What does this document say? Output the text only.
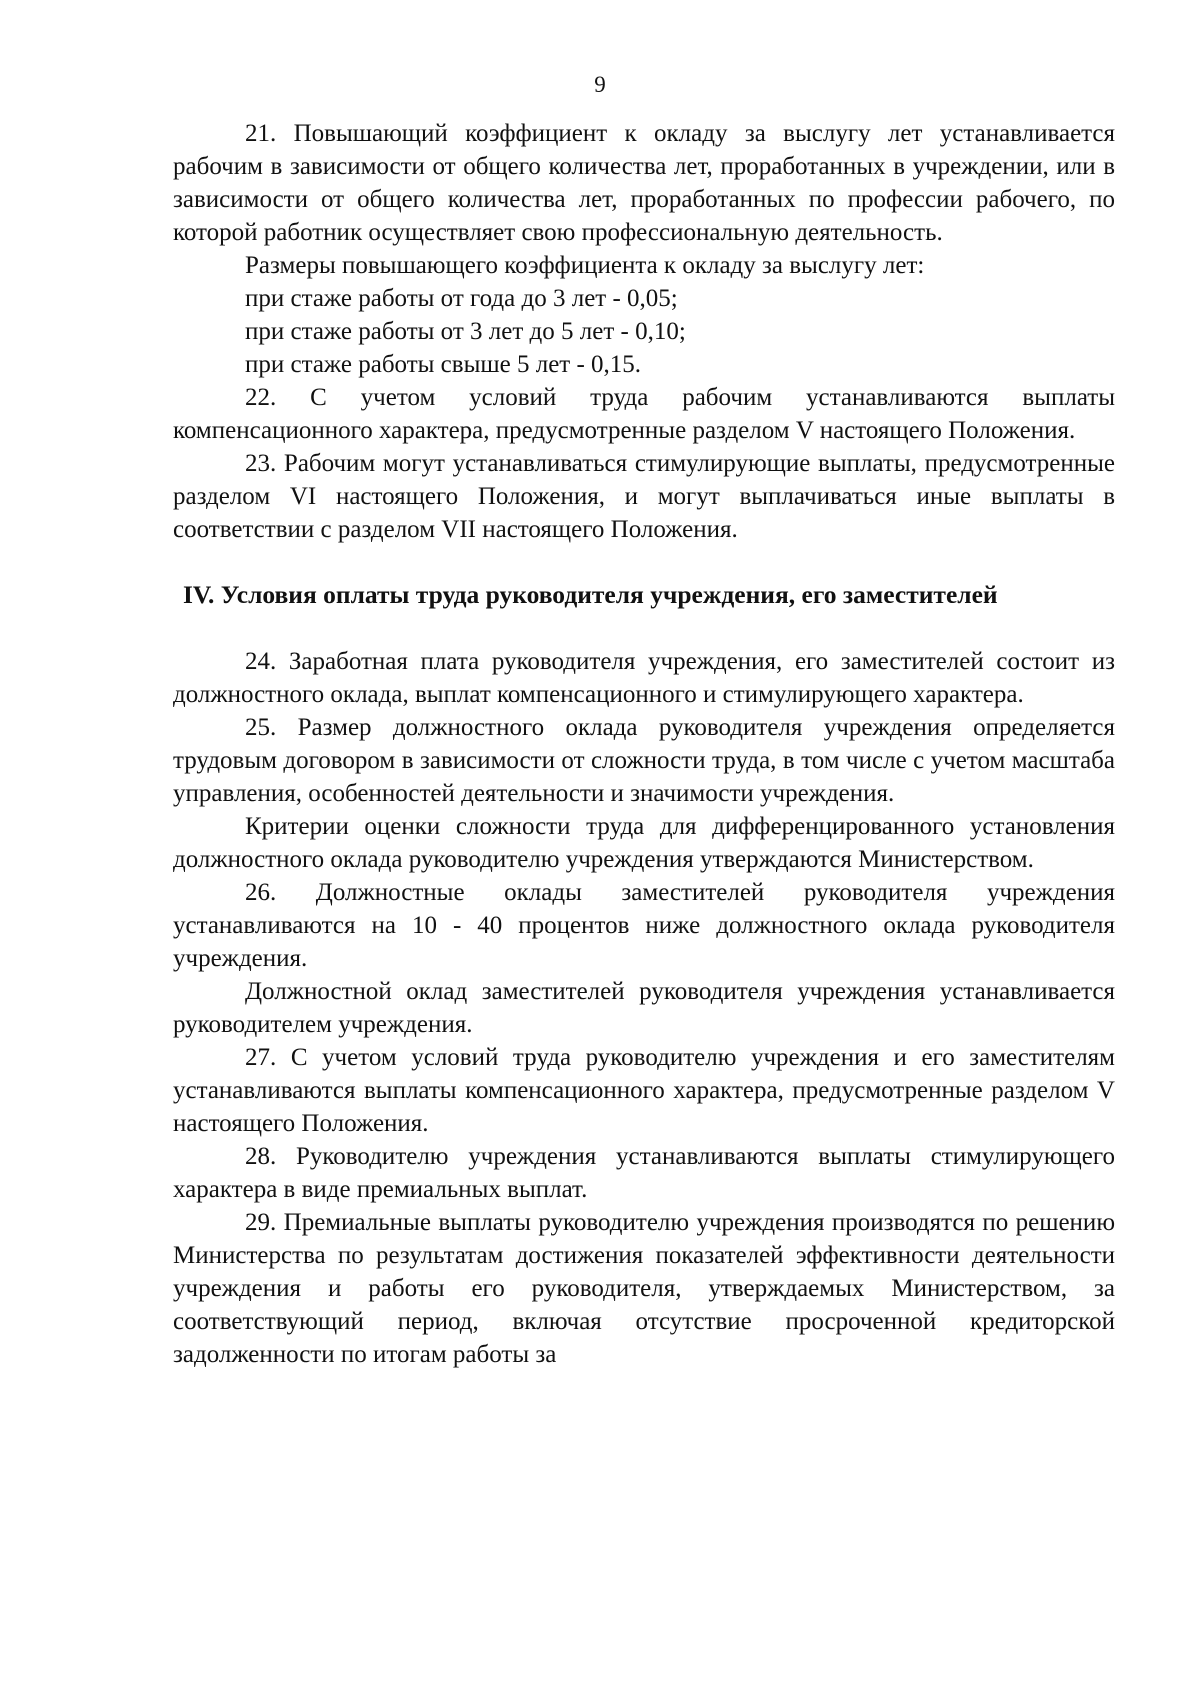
9

21. Повышающий коэффициент к окладу за выслугу лет устанавливается рабочим в зависимости от общего количества лет, проработанных в учреждении, или в зависимости от общего количества лет, проработанных по профессии рабочего, по которой работник осуществляет свою профессиональную деятельность.

Размеры повышающего коэффициента к окладу за выслугу лет:

при стаже работы от года до 3 лет - 0,05;

при стаже работы от 3 лет до 5 лет - 0,10;

при стаже работы свыше 5 лет - 0,15.

22. С учетом условий труда рабочим устанавливаются выплаты компенсационного характера, предусмотренные разделом V настоящего Положения.

23. Рабочим могут устанавливаться стимулирующие выплаты, предусмотренные разделом VI настоящего Положения, и могут выплачиваться иные выплаты в соответствии с разделом VII настоящего Положения.

IV. Условия оплаты труда руководителя учреждения, его заместителей

24. Заработная плата руководителя учреждения, его заместителей состоит из должностного оклада, выплат компенсационного и стимулирующего характера.

25. Размер должностного оклада руководителя учреждения определяется трудовым договором в зависимости от сложности труда, в том числе с учетом масштаба управления, особенностей деятельности и значимости учреждения.

Критерии оценки сложности труда для дифференцированного установления должностного оклада руководителю учреждения утверждаются Министерством.

26. Должностные оклады заместителей руководителя учреждения устанавливаются на 10 - 40 процентов ниже должностного оклада руководителя учреждения.

Должностной оклад заместителей руководителя учреждения устанавливается руководителем учреждения.

27. С учетом условий труда руководителю учреждения и его заместителям устанавливаются выплаты компенсационного характера, предусмотренные разделом V настоящего Положения.

28. Руководителю учреждения устанавливаются выплаты стимулирующего характера в виде премиальных выплат.

29. Премиальные выплаты руководителю учреждения производятся по решению Министерства по результатам достижения показателей эффективности деятельности учреждения и работы его руководителя, утверждаемых Министерством, за соответствующий период, включая отсутствие просроченной кредиторской задолженности по итогам работы за
